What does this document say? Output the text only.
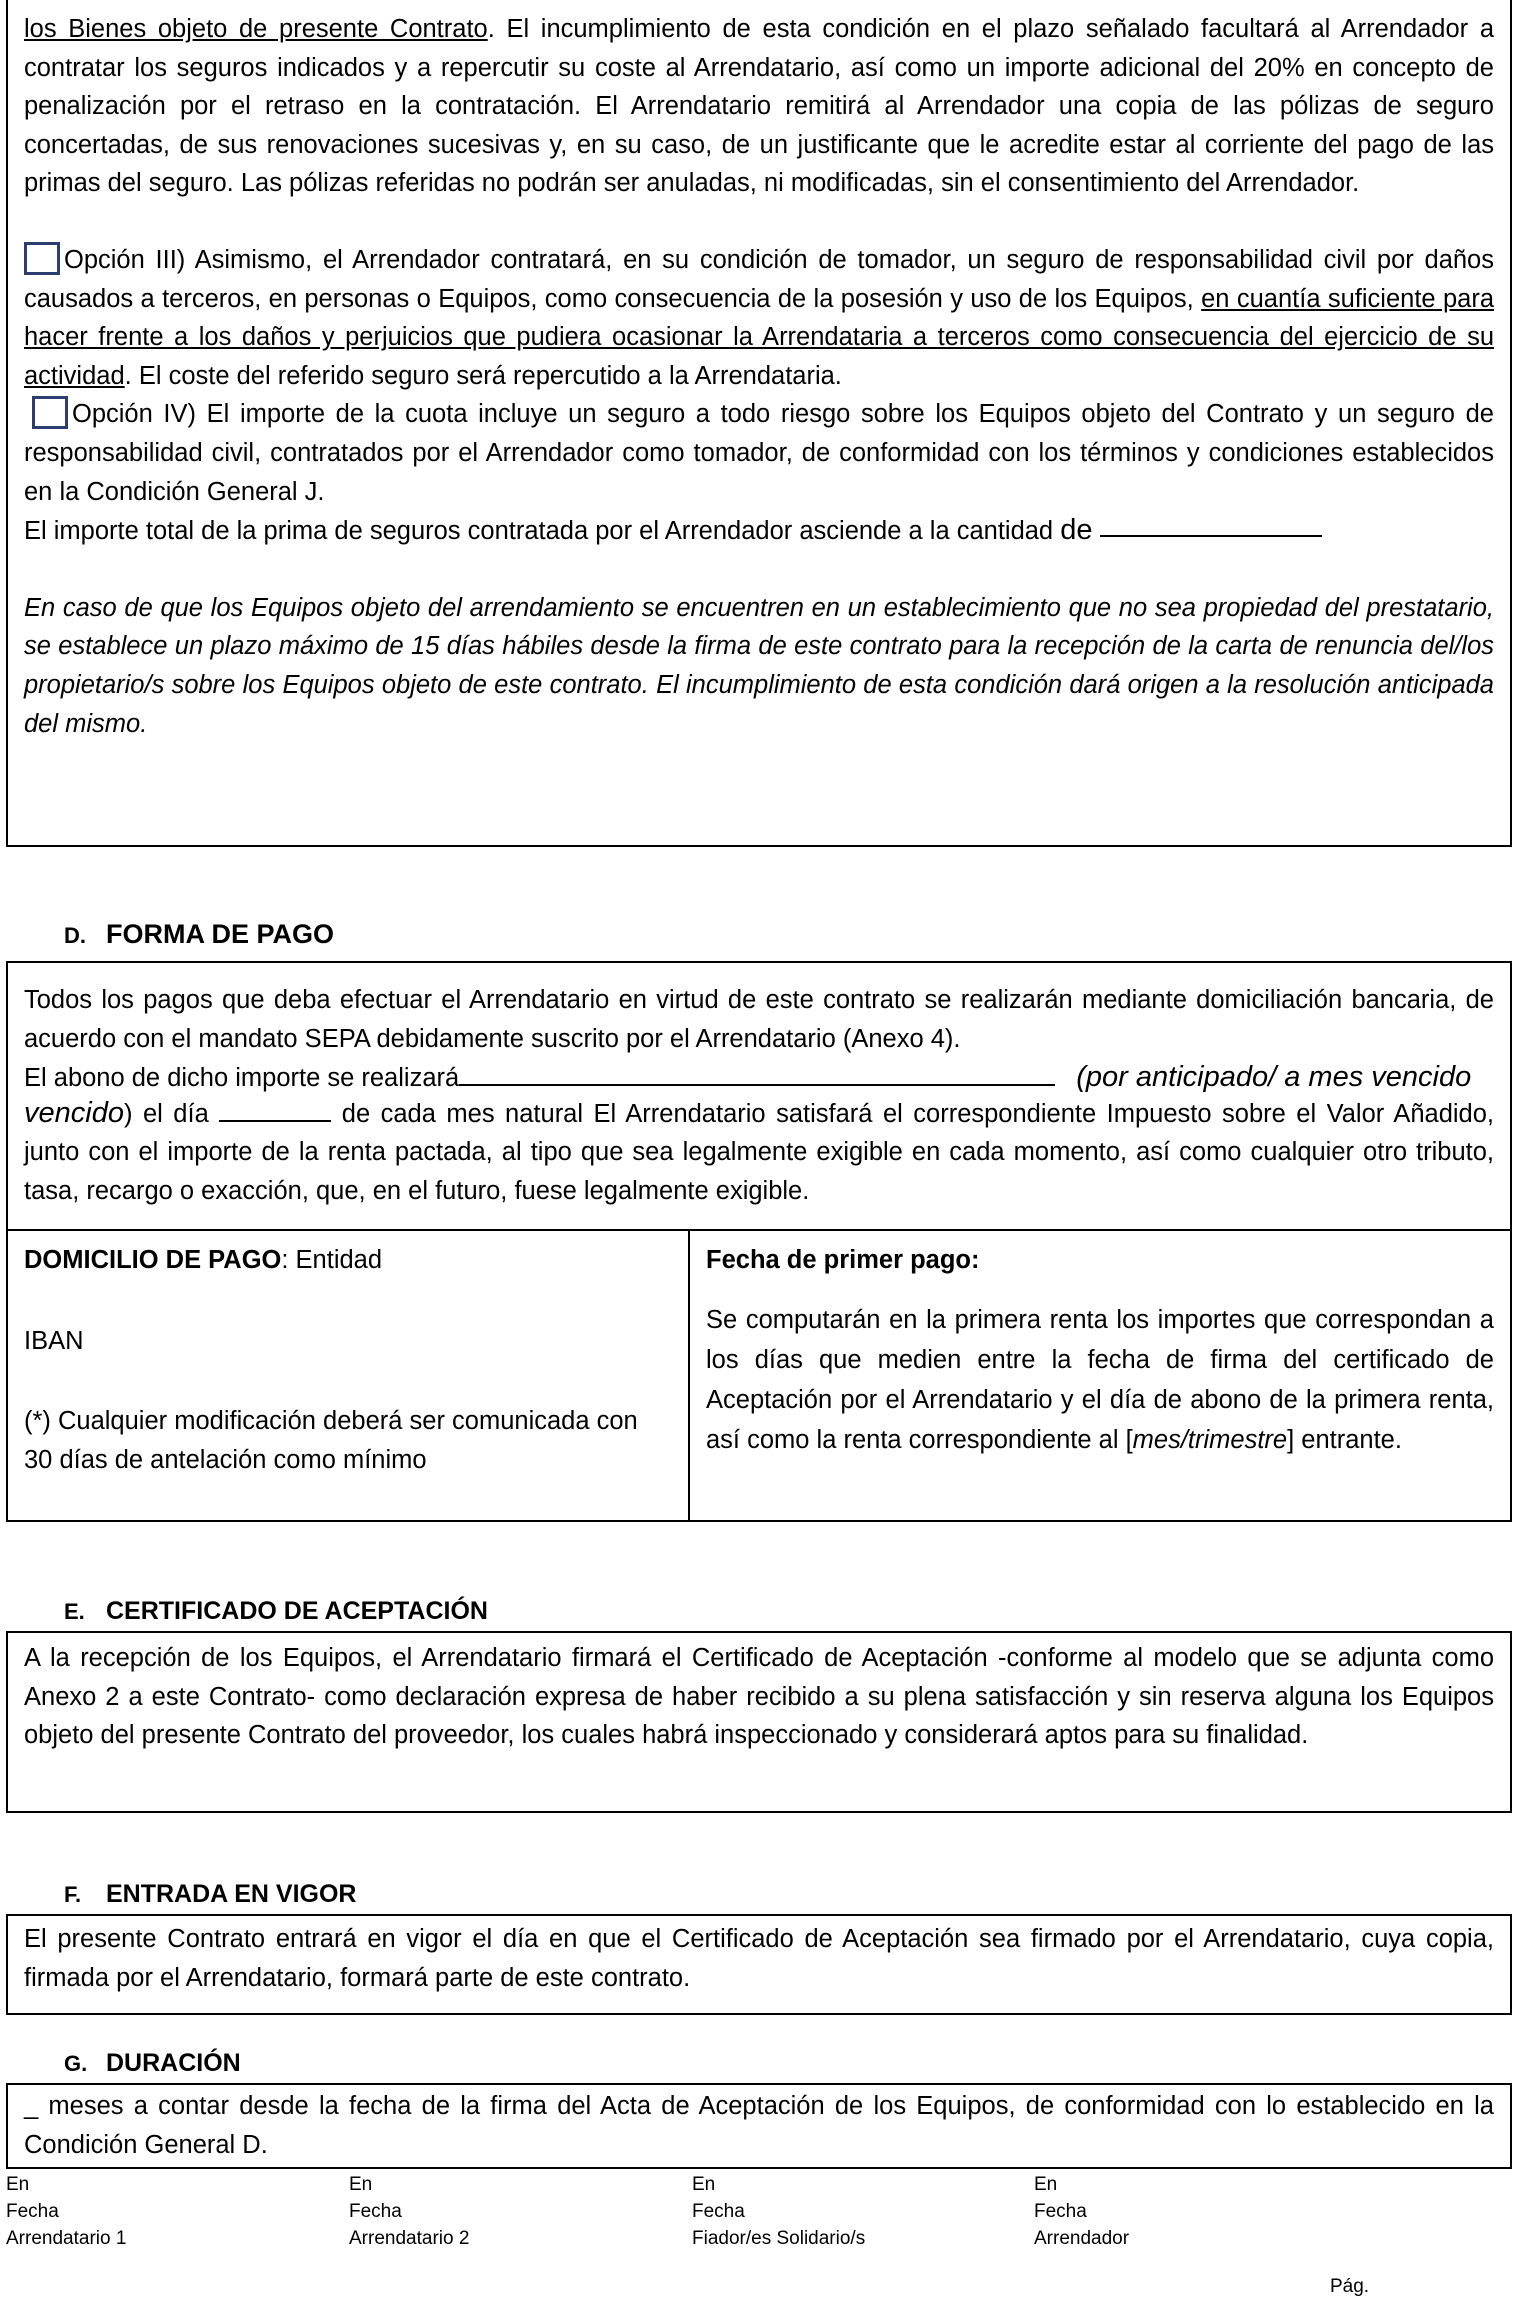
los Bienes objeto de presente Contrato. El incumplimiento de esta condición en el plazo señalado facultará al Arrendador a contratar los seguros indicados y a repercutir su coste al Arrendatario, así como un importe adicional del 20% en concepto de penalización por el retraso en la contratación. El Arrendatario remitirá al Arrendador una copia de las pólizas de seguro concertadas, de sus renovaciones sucesivas y, en su caso, de un justificante que le acredite estar al corriente del pago de las primas del seguro. Las pólizas referidas no podrán ser anuladas, ni modificadas, sin el consentimiento del Arrendador.

Opción III) Asimismo, el Arrendador contratará, en su condición de tomador, un seguro de responsabilidad civil por daños causados a terceros, en personas o Equipos, como consecuencia de la posesión y uso de los Equipos, en cuantía suficiente para hacer frente a los daños y perjuicios que pudiera ocasionar la Arrendataria a terceros como consecuencia del ejercicio de su actividad. El coste del referido seguro será repercutido a la Arrendataria.

Opción IV) El importe de la cuota incluye un seguro a todo riesgo sobre los Equipos objeto del Contrato y un seguro de responsabilidad civil, contratados por el Arrendador como tomador, de conformidad con los términos y condiciones establecidos en la Condición General J.

El importe total de la prima de seguros contratada por el Arrendador asciende a la cantidad de

En caso de que los Equipos objeto del arrendamiento se encuentren en un establecimiento que no sea propiedad del prestatario, se establece un plazo máximo de 15 días hábiles desde la firma de este contrato para la recepción de la carta de renuncia del/los propietario/s sobre los Equipos objeto de este contrato. El incumplimiento de esta condición dará origen a la resolución anticipada del mismo.

D. FORMA DE PAGO

Todos los pagos que deba efectuar el Arrendatario en virtud de este contrato se realizarán mediante domiciliación bancaria, de acuerdo con el mandato SEPA debidamente suscrito por el Arrendatario (Anexo 4).

El abono de dicho importe se realizará	(por anticipado/ a mes vencido

vencido) el día	de cada mes natural El Arrendatario satisfará el correspondiente Impuesto sobre el Valor Añadido, junto con el importe de la renta pactada, al tipo que sea legalmente exigible en cada momento, así como cualquier otro tributo, tasa, recargo o exacción, que, en el futuro, fuese legalmente exigible.

DOMICILIO DE PAGO: Entidad

IBAN

(*) Cualquier modificación deberá ser comunicada con 30 días de antelación como mínimo

Fecha de primer pago:

Se computarán en la primera renta los importes que correspondan a los días que medien entre la fecha de firma del certificado de Aceptación por el Arrendatario y el día de abono de la primera renta, así como la renta correspondiente al [mes/trimestre] entrante.

E. CERTIFICADO DE ACEPTACIÓN

A la recepción de los Equipos, el Arrendatario firmará el Certificado de Aceptación -conforme al modelo que se adjunta como Anexo 2 a este Contrato- como declaración expresa de haber recibido a su plena satisfacción y sin reserva alguna los Equipos objeto del presente Contrato del proveedor, los cuales habrá inspeccionado y considerará aptos para su finalidad.

F. ENTRADA EN VIGOR

El presente Contrato entrará en vigor el día en que el Certificado de Aceptación sea firmado por el Arrendatario, cuya copia, firmada por el Arrendatario, formará parte de este contrato.

G. DURACIÓN

_ meses a contar desde la fecha de la firma del Acta de Aceptación de los Equipos, de conformidad con lo establecido en la Condición General D.

En
Fecha
Arrendatario 1
En
Fecha
Arrendatario 2
En
Fecha
Fiador/es Solidario/s
En
Fecha
Arrendador
Pág.
